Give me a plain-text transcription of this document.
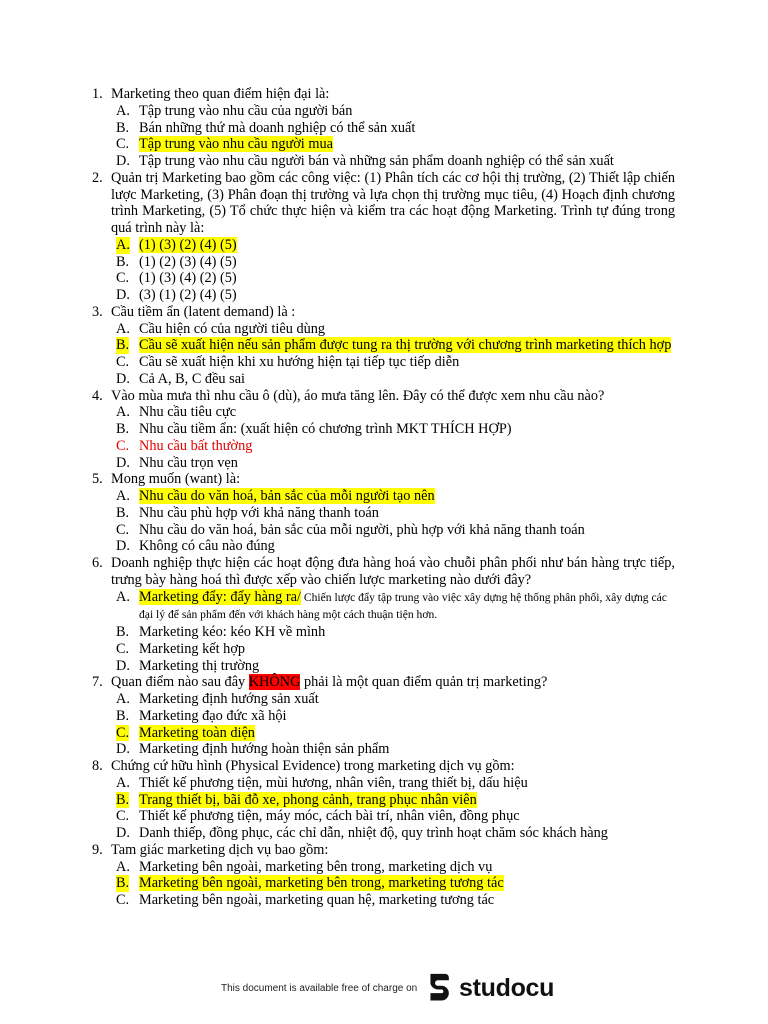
1. Marketing theo quan điểm hiện đại là:
A. Tập trung vào nhu cầu của người bán
B. Bán những thứ mà doanh nghiệp có thể sản xuất
C. Tập trung vào nhu cầu người mua
D. Tập trung vào nhu cầu người bán và những sản phẩm doanh nghiệp có thể sản xuất
2. Quản trị Marketing bao gồm các công việc: (1) Phân tích các cơ hội thị trường, (2) Thiết lập chiến lược Marketing, (3) Phân đoạn thị trường và lựa chọn thị trường mục tiêu, (4) Hoạch định chương trình Marketing, (5) Tổ chức thực hiện và kiểm tra các hoạt động Marketing. Trình tự đúng trong quá trình này là:
A. (1) (3) (2) (4) (5)
B. (1) (2) (3) (4) (5)
C. (1) (3) (4) (2) (5)
D. (3) (1) (2) (4) (5)
3. Cầu tiềm ẩn (latent demand) là :
A. Cầu hiện có của người tiêu dùng
B. Cầu sẽ xuất hiện nếu sản phẩm được tung ra thị trường với chương trình marketing thích hợp
C. Cầu sẽ xuất hiện khi xu hướng hiện tại tiếp tục tiếp diễn
D. Cả A, B, C đều sai
4. Vào mùa mưa thì nhu cầu ô (dù), áo mưa tăng lên. Đây có thể được xem nhu cầu nào?
A. Nhu cầu tiêu cực
B. Nhu cầu tiềm ẩn: (xuất hiện có chương trình MKT THÍCH HỢP)
C. Nhu cầu bất thường
D. Nhu cầu trọn vẹn
5. Mong muốn (want) là:
A. Nhu cầu do văn hoá, bản sắc của mỗi người tạo nên
B. Nhu cầu phù hợp với khả năng thanh toán
C. Nhu cầu do văn hoá, bản sắc của mỗi người, phù hợp với khả năng thanh toán
D. Không có câu nào đúng
6. Doanh nghiệp thực hiện các hoạt động đưa hàng hoá vào chuỗi phân phối như bán hàng trực tiếp, trưng bày hàng hoá thì được xếp vào chiến lược marketing nào dưới đây?
A. Marketing đẩy: đẩy hàng ra/ Chiến lược đẩy tập trung vào việc xây dựng hệ thống phân phối, xây dựng các đại lý để sản phẩm đến với khách hàng một cách thuận tiện hơn.
B. Marketing kéo: kéo KH về mình
C. Marketing kết hợp
D. Marketing thị trường
7. Quan điểm nào sau đây KHÔNG phải là một quan điểm quản trị marketing?
A. Marketing định hướng sản xuất
B. Marketing đạo đức xã hội
C. Marketing toàn diện
D. Marketing định hướng hoàn thiện sản phẩm
8. Chứng cứ hữu hình (Physical Evidence) trong marketing dịch vụ gồm:
A. Thiết kế phương tiện, mùi hương, nhân viên, trang thiết bị, dấu hiệu
B. Trang thiết bị, bãi đỗ xe, phong cảnh, trang phục nhân viên
C. Thiết kế phương tiện, máy móc, cách bài trí, nhân viên, đồng phục
D. Danh thiếp, đồng phục, các chỉ dẫn, nhiệt độ, quy trình hoạt chăm sóc khách hàng
9. Tam giác marketing dịch vụ bao gồm:
A. Marketing bên ngoài, marketing bên trong, marketing dịch vụ
B. Marketing bên ngoài, marketing bên trong, marketing tương tác
C. Marketing bên ngoài, marketing quan hệ, marketing tương tác
This document is available free of charge on studocu
